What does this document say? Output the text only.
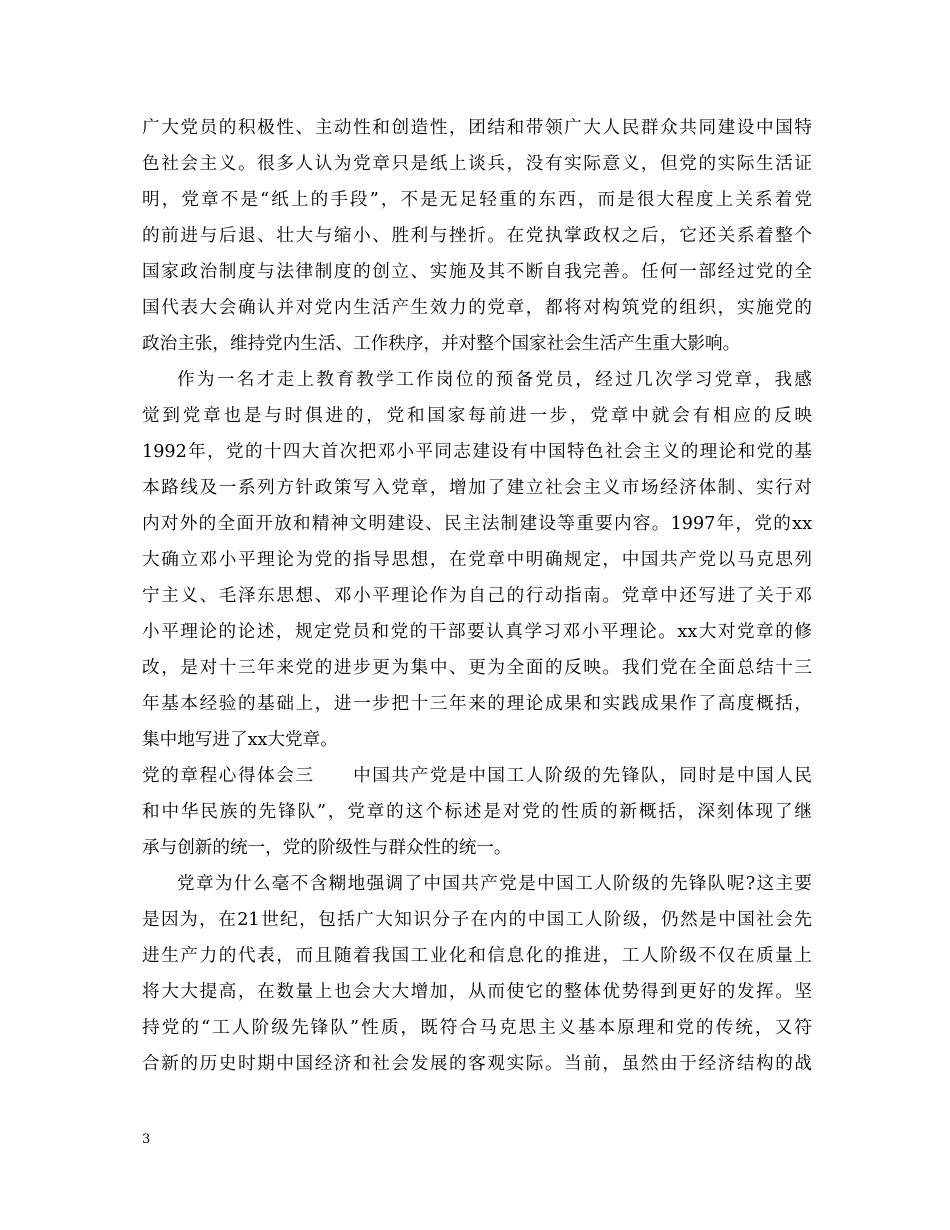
广大党员的积极性、主动性和创造性，团结和带领广大人民群众共同建设中国特
色社会主义。很多人认为党章只是纸上谈兵，没有实际意义，但党的实际生活证
明，党章不是“纸上的手段”，不是无足轻重的东西，而是很大程度上关系着党
的前进与后退、壮大与缩小、胜利与挫折。在党执掌政权之后，它还关系着整个
国家政治制度与法律制度的创立、实施及其不断自我完善。任何一部经过党的全
国代表大会确认并对党内生活产生效力的党章，都将对构筑党的组织，实施党的
政治主张，维持党内生活、工作秩序，并对整个国家社会生活产生重大影响。
作为一名才走上教育教学工作岗位的预备党员，经过几次学习党章，我感
觉到党章也是与时俱进的，党和国家每前进一步，党章中就会有相应的反映
1992年，党的十四大首次把邓小平同志建设有中国特色社会主义的理论和党的基
本路线及一系列方针政策写入党章，增加了建立社会主义市场经济体制、实行对
内对外的全面开放和精神文明建设、民主法制建设等重要内容。1997年，党的xx
大确立邓小平理论为党的指导思想，在党章中明确规定，中国共产党以马克思列
宁主义、毛泽东思想、邓小平理论作为自己的行动指南。党章中还写进了关于邓
小平理论的论述，规定党员和党的干部要认真学习邓小平理论。xx大对党章的修
改，是对十三年来党的进步更为集中、更为全面的反映。我们党在全面总结十三
年基本经验的基础上，进一步把十三年来的理论成果和实践成果作了高度概括，
集中地写进了xx大党章。
党的章程心得体会三　　中国共产党是中国工人阶级的先锋队，同时是中国人民
和中华民族的先锋队”，党章的这个标述是对党的性质的新概括，深刻体现了继
承与创新的统一，党的阶级性与群众性的统一。
党章为什么毫不含糊地强调了中国共产党是中国工人阶级的先锋队呢?这主要
是因为，在21世纪，包括广大知识分子在内的中国工人阶级，仍然是中国社会先
进生产力的代表，而且随着我国工业化和信息化的推进，工人阶级不仅在质量上
将大大提高，在数量上也会大大增加，从而使它的整体优势得到更好的发挥。坚
持党的“工人阶级先锋队”性质，既符合马克思主义基本原理和党的传统，又符
合新的历史时期中国经济和社会发展的客观实际。当前，虽然由于经济结构的战
3
